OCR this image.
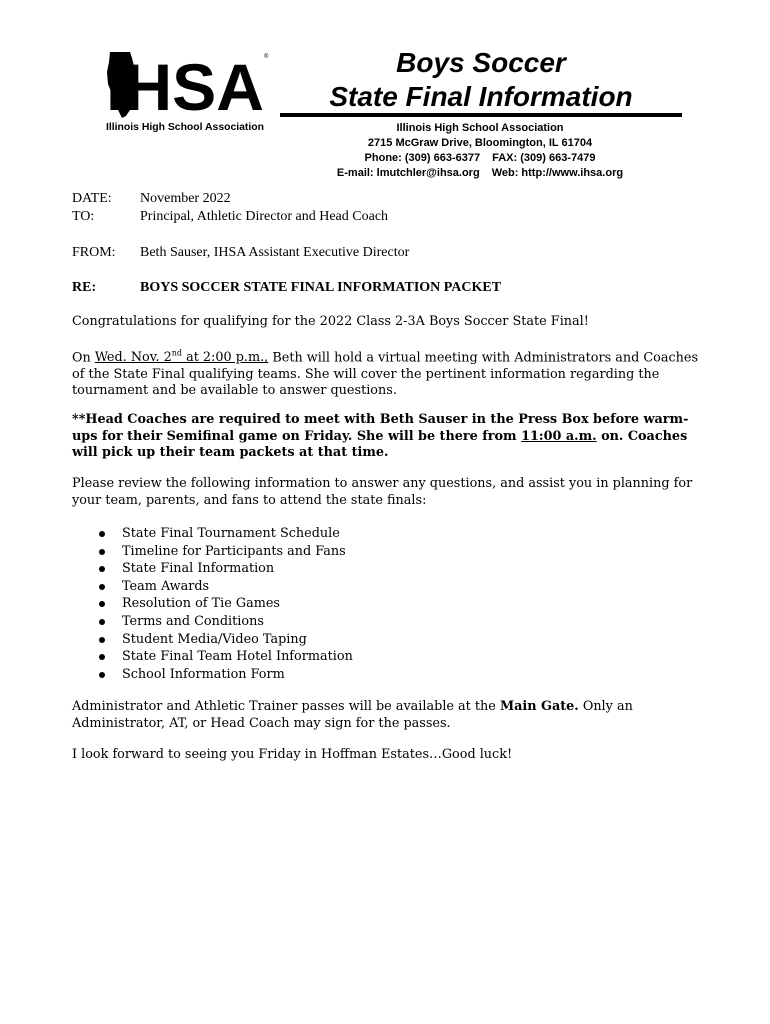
IHSA ®
Illinois High School Association

Boys Soccer

State Final Information

Illinois High School Association
2715 McGraw Drive, Bloomington, IL 61704
Phone: (309) 663-6377 FAX: (309) 663-7479
E-mail: lmutchler@ihsa.org Web: http://www.ihsa.org
DATE: November 2022
TO:	Principal, Athletic Director and Head Coach
FROM: Beth Sauser, IHSA Assistant Executive Director
RE:	BOYS SOCCER STATE FINAL INFORMATION PACKET

Congratulations for qualifying for the 2022 Class 2-3A Boys Soccer State Final!

On Wed. Nov. 2nd at 2:00 p.m., Beth will hold a virtual meeting with Administrators and Coaches of the State Final qualifying teams. She will cover the pertinent information regarding the tournament and be available to answer questions.

**Head Coaches are required to meet with Beth Sauser in the Press Box before warm-ups for their Semifinal game on Friday. She will be there from 11:00 a.m. on. Coaches will pick up their team packets at that time.

Please review the following information to answer any questions, and assist you in planning for your team, parents, and fans to attend the state finals:

State Final Tournament Schedule
Timeline for Participants and Fans
State Final Information
Team Awards
Resolution of Tie Games
Terms and Conditions
Student Media/Video Taping
State Final Team Hotel Information
School Information Form

Administrator and Athletic Trainer passes will be available at the Main Gate. Only an Administrator, AT, or Head Coach may sign for the passes.

I look forward to seeing you Friday in Hoffman Estates…Good luck!
